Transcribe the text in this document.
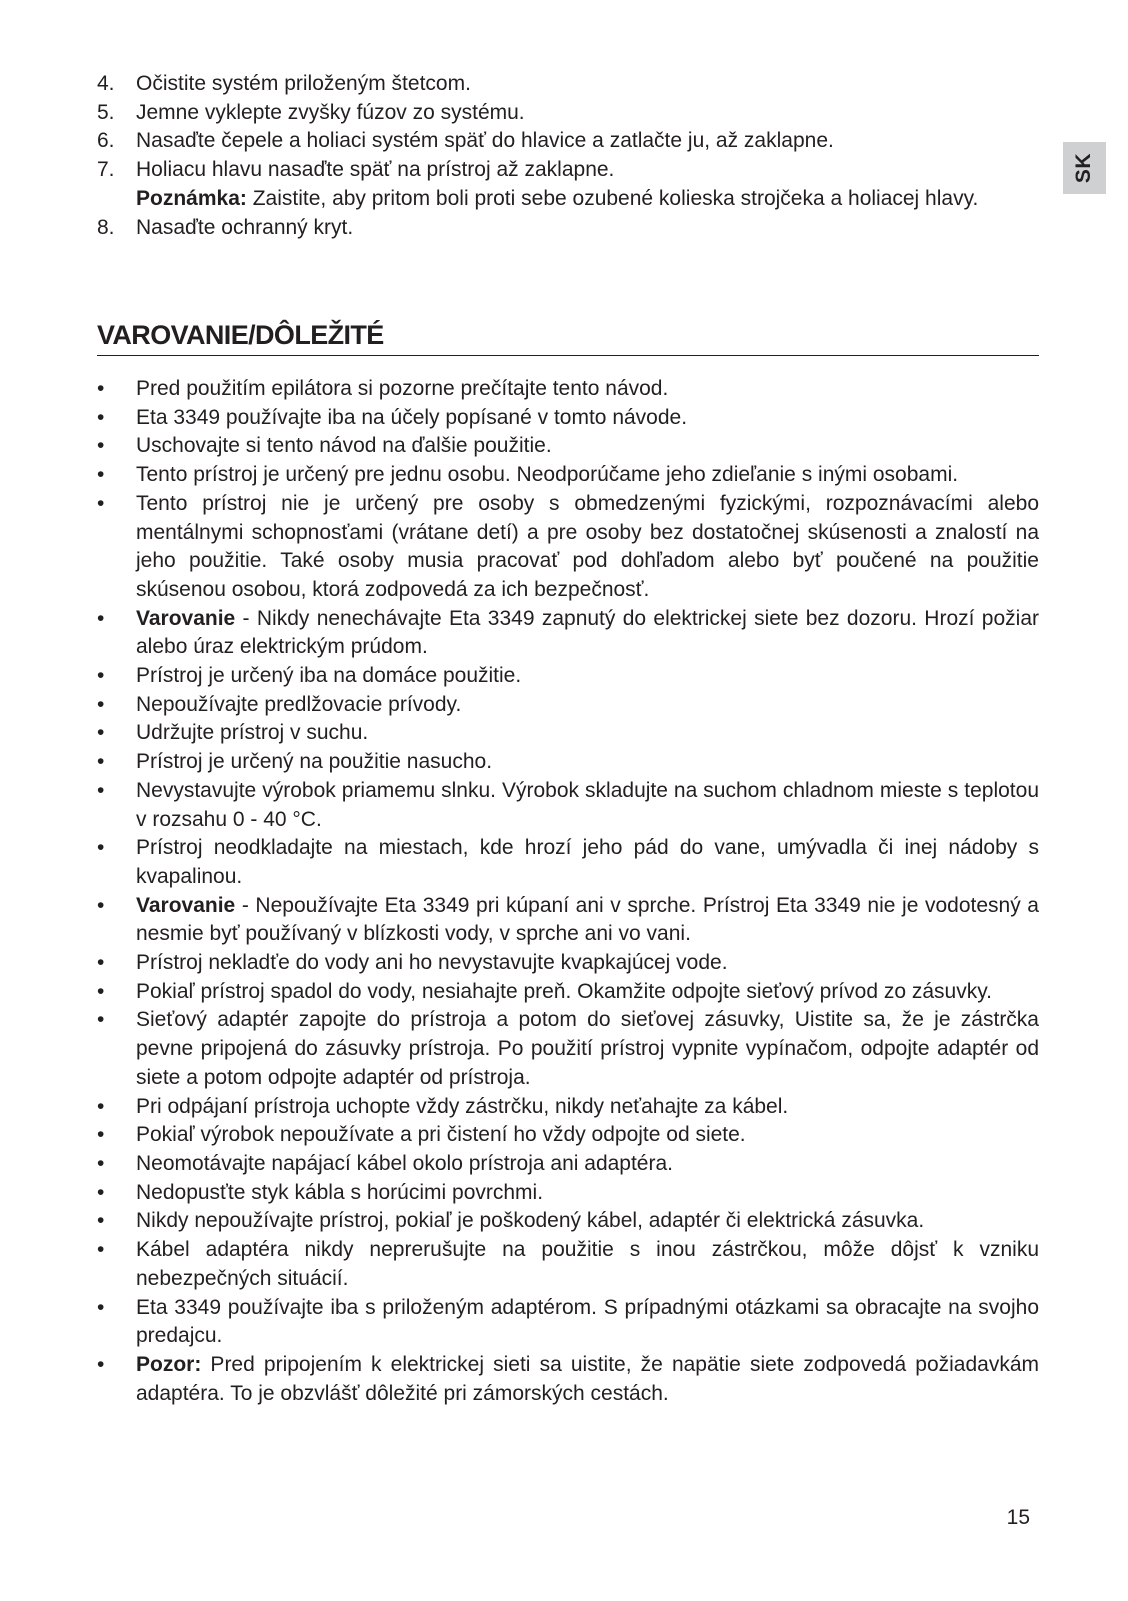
4. Očistite systém priloženým štetcom.
5. Jemne vyklepte zvyšky fúzov zo systému.
6. Nasaďte čepele a holiaci systém späť do hlavice a zatlačte ju, až zaklapne.
7. Holiacu hlavu nasaďte späť na prístroj až zaklapne.
Poznámka: Zaistite, aby pritom boli proti sebe ozubené kolieska strojčeka a holiacej hlavy.
8. Nasaďte ochranný kryt.
VAROVANIE/DÔLEŽITÉ
• Pred použitím epilátora si pozorne prečítajte tento návod.
• Eta 3349 používajte iba na účely popísané v tomto návode.
• Uschovajte si tento návod na ďalšie použitie.
• Tento prístroj je určený pre jednu osobu. Neodporúčame jeho zdieľanie s inými osobami.
• Tento prístroj nie je určený pre osoby s obmedzenými fyzickými, rozpoznávacími alebo mentálnymi schopnosťami (vrátane detí) a pre osoby bez dostatočnej skúsenosti a znalostí na jeho použitie. Také osoby musia pracovať pod dohľadom alebo byť poučené na použitie skúsenou osobou, ktorá zodpovedá za ich bezpečnosť.
• Varovanie - Nikdy nenechávajte Eta 3349 zapnutý do elektrickej siete bez dozoru. Hrozí požiar alebo úraz elektrickým prúdom.
• Prístroj je určený iba na domáce použitie.
• Nepoužívajte predlžovacie prívody.
• Udržujte prístroj v suchu.
• Prístroj je určený na použitie nasucho.
• Nevystavujte výrobok priamemu slnku. Výrobok skladujte na suchom chladnom mieste s teplotou v rozsahu 0 - 40 °C.
• Prístroj neodkladajte na miestach, kde hrozí jeho pád do vane, umývadla či inej nádoby s kvapalinou.
• Varovanie - Nepoužívajte Eta 3349 pri kúpaní ani v sprche. Prístroj Eta 3349 nie je vodotesný a nesmie byť používaný v blízkosti vody, v sprche ani vo vani.
• Prístroj nekladťe do vody ani ho nevystavujte kvapkajúcej vode.
• Pokiaľ prístroj spadol do vody, nesiahajte preň. Okamžite odpojte sieťový prívod zo zásuvky.
• Sieťový adaptér zapojte do prístroja a potom do sieťovej zásuvky, Uistite sa, že je zástrčka pevne pripojená do zásuvky prístroja. Po použití prístroj vypnite vypínačom, odpojte adaptér od siete a potom odpojte adaptér od prístroja.
• Pri odpájaní prístroja uchopte vždy zástrčku, nikdy neťahajte za kábel.
• Pokiaľ výrobok nepoužívate a pri čistení ho vždy odpojte od siete.
• Neomotávajte napájací kábel okolo prístroja ani adaptéra.
• Nedopusťte styk kábla s horúcimi povrchmi.
• Nikdy nepoužívajte prístroj, pokiaľ je poškodený kábel, adaptér či elektrická zásuvka.
• Kábel adaptéra nikdy neprerušujte na použitie s inou zástrčkou, môže dôjsť k vzniku nebezpečných situácií.
• Eta 3349 používajte iba s priloženým adaptérom. S prípadnými otázkami sa obracajte na svojho predajcu.
• Pozor: Pred pripojením k elektrickej sieti sa uistite, že napätie siete zodpovedá požiadavkám adaptéra. To je obzvlášť dôležité pri zámorských cestách.
SK
15
